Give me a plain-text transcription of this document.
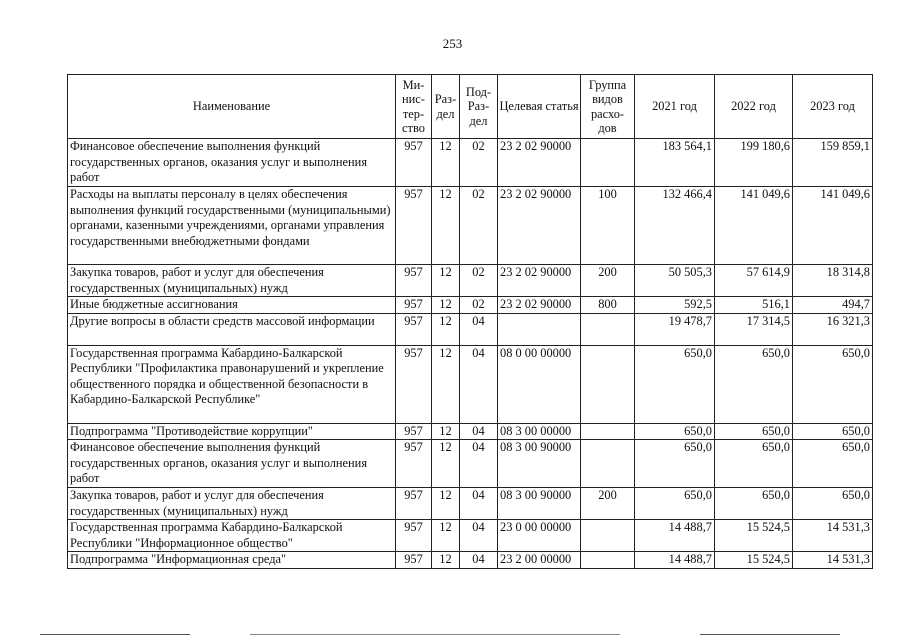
253
Наименование	Ми-нис-тер-ство	Раз-дел	Под-Раз-дел	Целевая статья	Группа видов расхо-дов	2021 год	2022 год	2023 год
Финансовое обеспечение выполнения функций государственных органов, оказания услуг и выполнения работ	957	12	02	23 2 02 90000		183 564,1	199 180,6	159 859,1
Расходы на выплаты персоналу в целях обеспечения выполнения функций государственными (муниципальными) органами, казенными учреждениями, органами управления государственными внебюджетными фондами	957	12	02	23 2 02 90000	100	132 466,4	141 049,6	141 049,6
Закупка товаров, работ и услуг для обеспечения государственных (муниципальных) нужд	957	12	02	23 2 02 90000	200	50 505,3	57 614,9	18 314,8
Иные бюджетные ассигнования	957	12	02	23 2 02 90000	800	592,5	516,1	494,7
Другие вопросы в области средств массовой информации	957	12	04			19 478,7	17 314,5	16 321,3
Государственная программа Кабардино-Балкарской Республики "Профилактика правонарушений и укрепление общественного порядка и общественной безопасности в Кабардино-Балкарской Республике"	957	12	04	08 0 00 00000		650,0	650,0	650,0
Подпрограмма "Противодействие коррупции"	957	12	04	08 3 00 00000		650,0	650,0	650,0
Финансовое обеспечение выполнения функций государственных органов, оказания услуг и выполнения работ	957	12	04	08 3 00 90000		650,0	650,0	650,0
Закупка товаров, работ и услуг для обеспечения государственных (муниципальных) нужд	957	12	04	08 3 00 90000	200	650,0	650,0	650,0
Государственная программа Кабардино-Балкарской Республики "Информационное общество"	957	12	04	23 0 00 00000		14 488,7	15 524,5	14 531,3
Подпрограмма "Информационная среда"	957	12	04	23 2 00 00000		14 488,7	15 524,5	14 531,3
